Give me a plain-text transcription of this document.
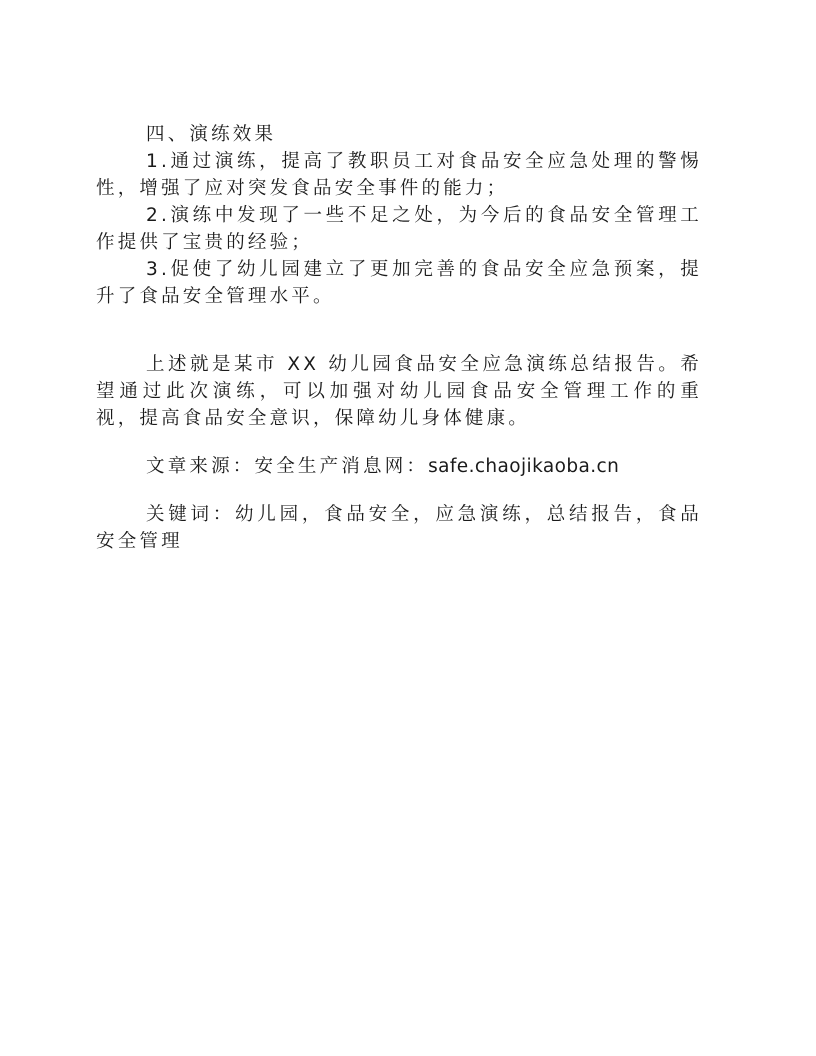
四、演练效果

1.通过演练，提高了教职员工对食品安全应急处理的警惕性，增强了应对突发食品安全事件的能力；

2.演练中发现了一些不足之处，为今后的食品安全管理工作提供了宝贵的经验；

3.促使了幼儿园建立了更加完善的食品安全应急预案，提升了食品安全管理水平。

上述就是某市 XX 幼儿园食品安全应急演练总结报告。希望通过此次演练，可以加强对幼儿园食品安全管理工作的重视，提高食品安全意识，保障幼儿身体健康。

文章来源：安全生产消息网：safe.chaojikaoba.cn

关键词：幼儿园，食品安全，应急演练，总结报告，食品安全管理
